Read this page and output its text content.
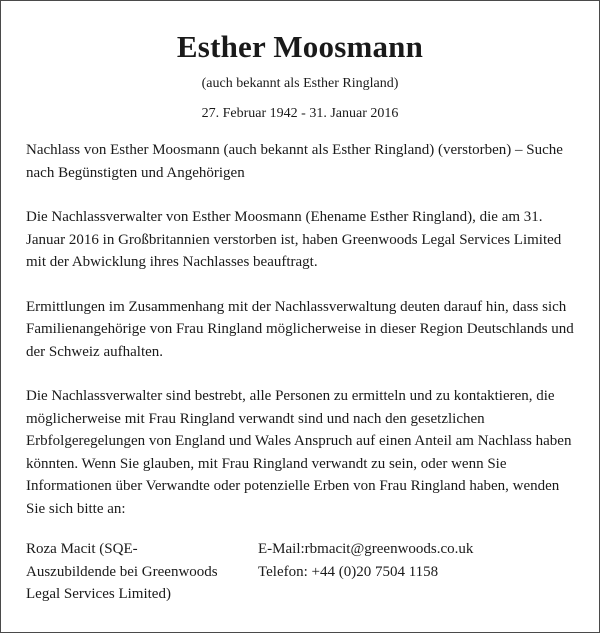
Esther Moosmann
(auch bekannt als Esther Ringland)
27. Februar 1942 - 31. Januar 2016

Nachlass von Esther Moosmann (auch bekannt als Esther Ringland) (verstorben) – Suche nach Begünstigten und Angehörigen

Die Nachlassverwalter von Esther Moosmann (Ehename Esther Ringland), die am 31. Januar 2016 in Großbritannien verstorben ist, haben Greenwoods Legal Services Limited mit der Abwicklung ihres Nachlasses beauftragt.

Ermittlungen im Zusammenhang mit der Nachlassverwaltung deuten darauf hin, dass sich Familienangehörige von Frau Ringland möglicherweise in dieser Region Deutschlands und der Schweiz aufhalten.

Die Nachlassverwalter sind bestrebt, alle Personen zu ermitteln und zu kontaktieren, die möglicherweise mit Frau Ringland verwandt sind und nach den gesetzlichen Erbfolgeregelungen von England und Wales Anspruch auf einen Anteil am Nachlass haben könnten. Wenn Sie glauben, mit Frau Ringland verwandt zu sein, oder wenn Sie Informationen über Verwandte oder potenzielle Erben von Frau Ringland haben, wenden Sie sich bitte an:

Roza Macit (SQE-
Auszubildende bei Greenwoods
Legal Services Limited)
E-Mail:rbmacit@greenwoods.co.uk
Telefon: +44 (0)20 7504 1158
